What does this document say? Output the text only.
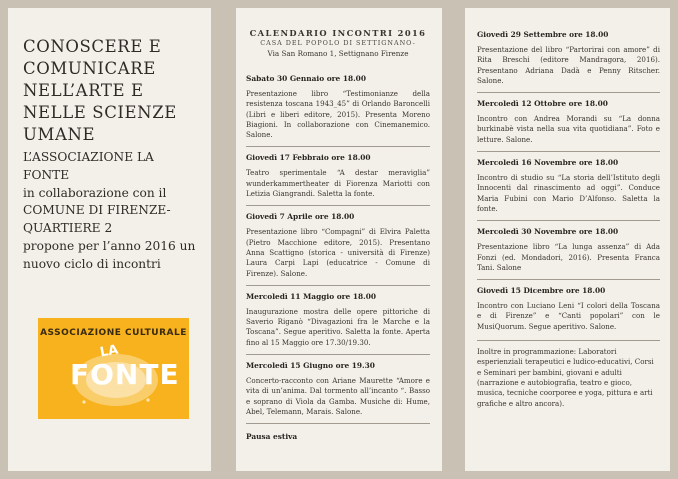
CONOSCERE E
COMUNICARE
NELL’ARTE E
NELLE SCIENZE
UMANE
L’ASSOCIAZIONE LA FONTE
in collaborazione con il
COMUNE DI FIRENZE-
QUARTIERE 2
propone per l’anno 2016 un
nuovo ciclo di incontri
ASSOCIAZIONE CULTURALE
LA
FONTE
CALENDARIO INCONTRI 2016
CASA DEL POPOLO DI SETTIGNANO-
Via San Romano 1, Settignano Firenze
Sabato 30 Gennaio ore 18.00
Presentazione libro “Testimonianze della resistenza toscana 1943_45” di Orlando Baroncelli (Libri e liberi editore, 2015). Presenta Moreno Biagioni. In collaborazione con Cinemanemico. Salone.
Giovedì 17 Febbraio ore 18.00
Teatro sperimentale “A destar meraviglia” wunderkammertheater di Fiorenza Mariotti con Letizia Giangrandi. Saletta la fonte.
Giovedì 7 Aprile ore 18.00
Presentazione libro “Compagni” di Elvira Paletta (Pietro Macchione editore, 2015). Presentano Anna Scattigno (storica - università di Firenze) Laura Carpi Lapi (educatrice - Comune di Firenze). Salone.
Mercoledì 11 Maggio ore 18.00
Inaugurazione mostra delle opere pittoriche di Saverio Riganò “Divagazioni fra le Marche e la Toscana”. Segue aperitivo. Saletta la fonte. Aperta fino al 15 Maggio ore 17.30/19.30.
Mercoledì 15 Giugno ore 19.30
Concerto-racconto con Ariane Maurette “Amore e vita di un’anima. Dal tormento all’incanto “. Basso e soprano di Viola da Gamba. Musiche di: Hume, Abel, Telemann, Marais. Salone.
Pausa estiva
Giovedì 29 Settembre ore 18.00
Presentazione del libro “Partorirai con amore” di Rita Breschi (editore Mandragora, 2016). Presentano Adriana Dadà e Penny Ritscher. Salone.
Mercoledì 12 Ottobre ore 18.00
Incontro con Andrea Morandi su “La donna burkinabè vista nella sua vita quotidiana”. Foto e letture. Salone.
Mercoledì 16 Novembre ore 18.00
Incontro di studio su “La storia dell’Istituto degli Innocenti dal rinascimento ad oggi”. Conduce Maria Fubini con Mario D’Alfonso. Saletta la fonte.
Mercoledì 30 Novembre ore 18.00
Presentazione libro “La lunga assenza” di Ada Fonzi (ed. Mondadori, 2016). Presenta Franca Tani. Salone
Giovedì 15 Dicembre ore 18.00
Incontro con Luciano Leni “I colori della Toscana e di Firenze” e “Canti popolari” con le MusiQuorum. Segue aperitivo. Salone.
Inoltre in programmazione: Laboratori esperienziali terapeutici e ludico-educativi, Corsi e Seminari per bambini, giovani e adulti (narrazione e autobiografia, teatro e gioco, musica, tecniche coorporee e yoga, pittura e arti grafiche e altro ancora).
